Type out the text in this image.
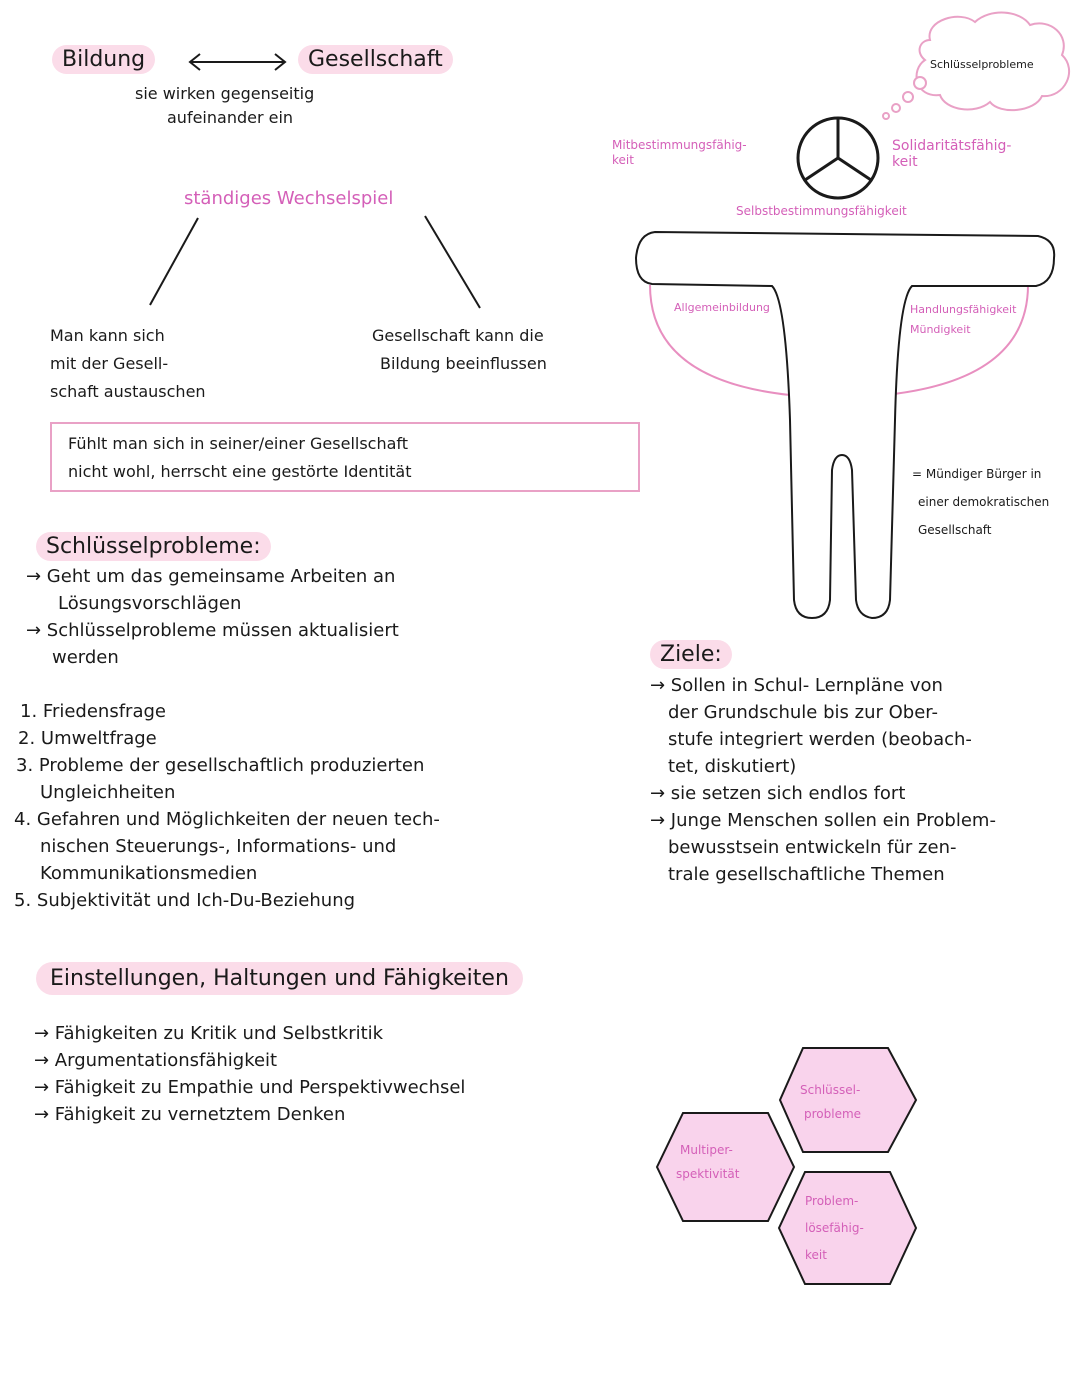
Bildung	Gesellschaft
sie wirken gegenseitig
aufeinander ein
ständiges Wechselspiel
Man kann sich
mit der Gesell-
schaft austauschen
Gesellschaft kann die
Bildung beeinflussen
Fühlt man sich in seiner/einer Gesellschaft
nicht wohl, herrscht eine gestörte Identität
Schlüsselprobleme
Mitbestimmungsfähig-
keit
Solidaritätsfähig-
keit
Selbstbestimmungsfähigkeit
Allgemeinbildung	Handlungsfähigkeit
Mündigkeit
= Mündiger Bürger in
einer demokratischen
Gesellschaft
Schlüsselprobleme:
→ Geht um das gemeinsame Arbeiten an
Lösungsvorschlägen
→ Schlüsselprobleme müssen aktualisiert
werden
1. Friedensfrage
2. Umweltfrage
3. Probleme der gesellschaftlich produzierten
Ungleichheiten
4. Gefahren und Möglichkeiten der neuen tech-
nischen Steuerungs-, Informations- und
Kommunikationsmedien
5. Subjektivität und Ich-Du-Beziehung
Ziele:
→ Sollen in Schul- Lernpläne von
der Grundschule bis zur Ober-
stufe integriert werden (beobach-
tet, diskutiert)
→ sie setzen sich endlos fort
→ Junge Menschen sollen ein Problem-
bewusstsein entwickeln für zen-
trale gesellschaftliche Themen
Einstellungen, Haltungen und Fähigkeiten
→ Fähigkeiten zu Kritik und Selbstkritik
→ Argumentationsfähigkeit
→ Fähigkeit zu Empathie und Perspektivwechsel
→ Fähigkeit zu vernetztem Denken
Schlüssel-
probleme
Multiper-
spektivität
Problem-
lösefähig-
keit
